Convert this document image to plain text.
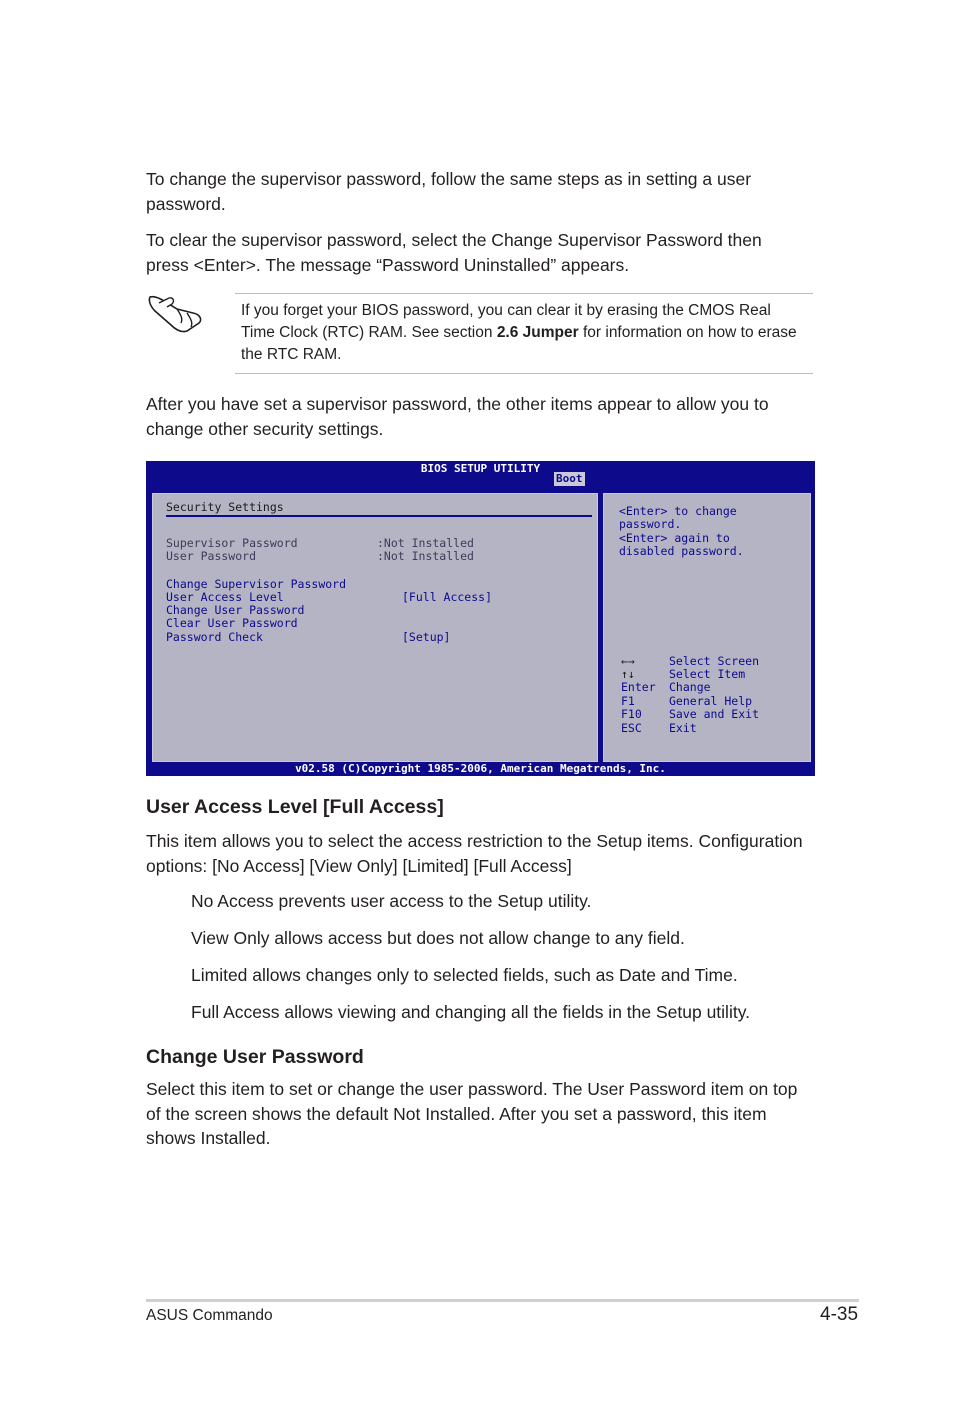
To change the supervisor password, follow the same steps as in setting a user password.

To clear the supervisor password, select the Change Supervisor Password then press <Enter>. The message “Password Uninstalled” appears.

If you forget your BIOS password, you can clear it by erasing the CMOS Real Time Clock (RTC) RAM. See section 2.6 Jumper for information on how to erase the RTC RAM.

After you have set a supervisor password, the other items appear to allow you to change other security settings.

BIOS SETUP UTILITY
Boot
Security Settings
Supervisor Password	:Not Installed
User Password	:Not Installed
Change Supervisor Password
User Access Level	[Full Access]
Change User Password
Clear User Password
Password Check	[Setup]
<Enter> to change
password.
<Enter> again to
disabled password.
←→	Select Screen
↑↓	Select Item
Enter Change
F1	General Help
F10 Save and Exit
ESC Exit
v02.58 (C)Copyright 1985-2006, American Megatrends, Inc.
User Access Level [Full Access]

This item allows you to select the access restriction to the Setup items. Configuration options: [No Access] [View Only] [Limited] [Full Access]

No Access prevents user access to the Setup utility.

View Only allows access but does not allow change to any field.

Limited allows changes only to selected fields, such as Date and Time.

Full Access allows viewing and changing all the fields in the Setup utility.

Change User Password

Select this item to set or change the user password. The User Password item on top of the screen shows the default Not Installed. After you set a password, this item shows Installed.

ASUS Commando	4-35
